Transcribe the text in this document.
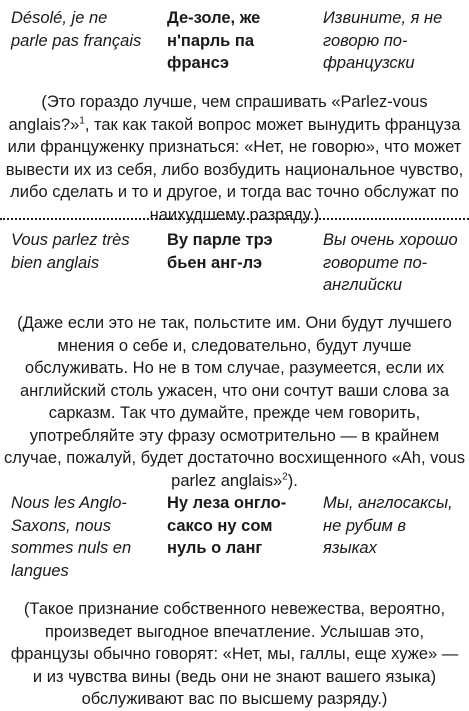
Désolé, je ne
parle pas français
Де-золе, же
н'парль па
франсэ
Извините, я не
говорю по-
французски
(Это гораздо лучше, чем спрашивать «Parlez-vous anglais?»$^1$, так как такой вопрос может вынудить француза или француженку признаться: «Нет, не говорю», что может вывести их из себя, либо возбудить национальное чувство, либо сделать и то и другое, и тогда вас точно обслужат по наихудшему разряду.)
Vous parlez très
bien anglais
Ву парле трэ
бьен анг-лэ
Вы очень хорошо
говорите по-
английски
(Даже если это не так, польстите им. Они будут лучшего мнения о себе и, следовательно, будут лучше обслуживать. Но не в том случае, разумеется, если их английский столь ужасен, что они сочтут ваши слова за сарказм. Так что думайте, прежде чем говорить, употребляйте эту фразу осмотрительно — в крайнем случае, пожалуй, будет достаточно восхищенного «Ah, vous parlez anglais»$^2$).
Nous les Anglo-
Saxons, nous
sommes nuls en
langues
Ну леза онгло-
саксо ну сом
нуль о ланг
Мы, англосаксы,
не рубим в
языках
(Такое признание собственного невежества, вероятно, произведет выгодное впечатление. Услышав это, французы обычно говорят: «Нет, мы, галлы, еще хуже» — и из чувства вины (ведь они не знают вашего языка) обслуживают вас по высшему разряду.)
